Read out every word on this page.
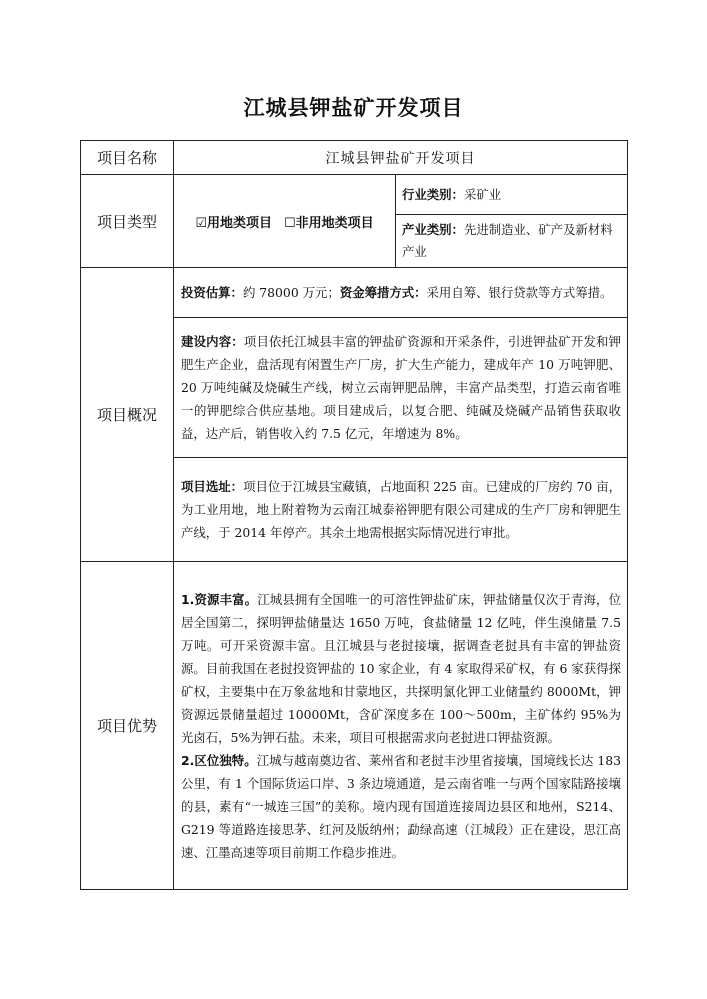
江城县钾盐矿开发项目
项目名称	江城县钾盐矿开发项目	
项目类型	☑用地类项目 ☐非用地类项目	行业类别：采矿业
		产业类别：先进制造业、矿产及新材料产业
项目概况	投资估算：约 78000 万元；资金筹措方式：采用自筹、银行贷款等方式筹措。	
	建设内容：项目依托江城县丰富的钾盐矿资源和开采条件，引进钾盐矿开发和钾肥生产企业，盘活现有闲置生产厂房，扩大生产能力，建成年产 10 万吨钾肥、20 万吨纯碱及烧碱生产线，树立云南钾肥品牌，丰富产品类型，打造云南省唯一的钾肥综合供应基地。项目建成后，以复合肥、纯碱及烧碱产品销售获取收益，达产后，销售收入约 7.5 亿元，年增速为 8%。	
	项目选址：项目位于江城县宝藏镇，占地面积 225 亩。已建成的厂房约 70 亩，为工业用地，地上附着物为云南江城泰裕钾肥有限公司建成的生产厂房和钾肥生产线，于 2014 年停产。其余土地需根据实际情况进行审批。	
项目优势	1.资源丰富。江城县拥有全国唯一的可溶性钾盐矿床，钾盐储量仅次于青海，位居全国第二，探明钾盐储量达 1650 万吨，食盐储量 12 亿吨，伴生溴储量 7.5 万吨。可开采资源丰富。且江城县与老挝接壤，据调查老挝具有丰富的钾盐资源。目前我国在老挝投资钾盐的 10 家企业，有 4 家取得采矿权，有 6 家获得探矿权，主要集中在万象盆地和甘蒙地区，共探明氯化钾工业储量约 8000Mt，钾资源远景储量超过 10000Mt，含矿深度多在 100～500m，主矿体约 95%为光卤石，5%为钾石盐。未来，项目可根据需求向老挝进口钾盐资源。
2.区位独特。江城与越南奠边省、莱州省和老挝丰沙里省接壤，国境线长达 183 公里，有 1 个国际货运口岸、3 条边境通道，是云南省唯一与两个国家陆路接壤的县，素有“一城连三国”的美称。境内现有国道连接周边县区和地州，S214、G219 等道路连接思茅、红河及版纳州；勐绿高速（江城段）正在建设，思江高速、江墨高速等项目前期工作稳步推进。	
